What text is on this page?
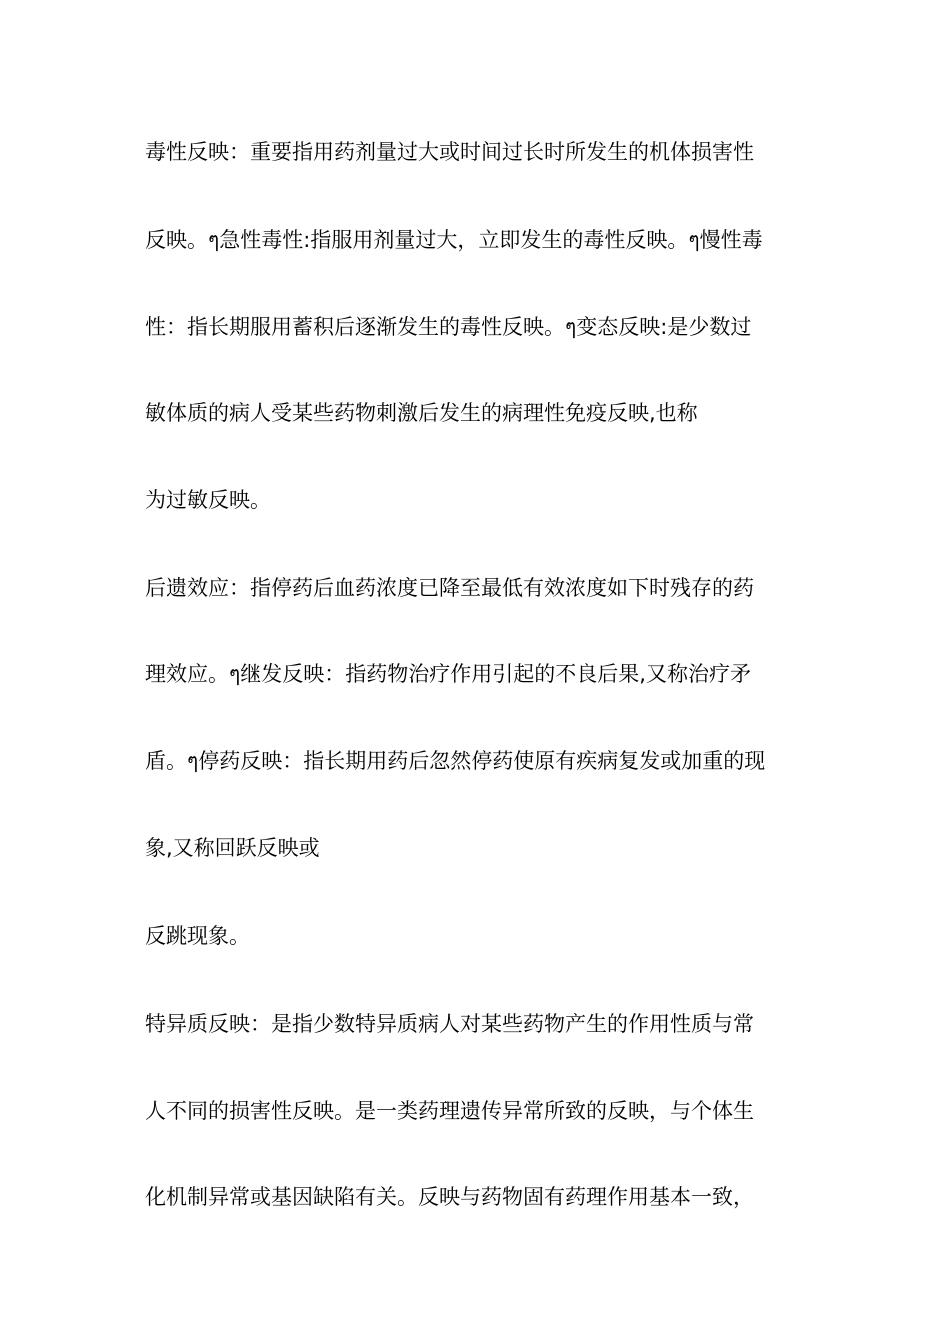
毒性反映：重要指用药剂量过大或时间过长时所发生的机体损害性
反映。ๆ急性毒性:指服用剂量过大，立即发生的毒性反映。ๆ慢性毒
性：指长期服用蓄积后逐渐发生的毒性反映。ๆ变态反映:是少数过
敏体质的病人受某些药物刺激后发生的病理性免疫反映,也称
为过敏反映。
后遗效应：指停药后血药浓度已降至最低有效浓度如下时残存的药
理效应。ๆ继发反映：指药物治疗作用引起的不良后果,又称治疗矛
盾。ๆ停药反映：指长期用药后忽然停药使原有疾病复发或加重的现
象,又称回跃反映或
反跳现象。
特异质反映：是指少数特异质病人对某些药物产生的作用性质与常
人不同的损害性反映。是一类药理遗传异常所致的反映，与个体生
化机制异常或基因缺陷有关。反映与药物固有药理作用基本一致，
